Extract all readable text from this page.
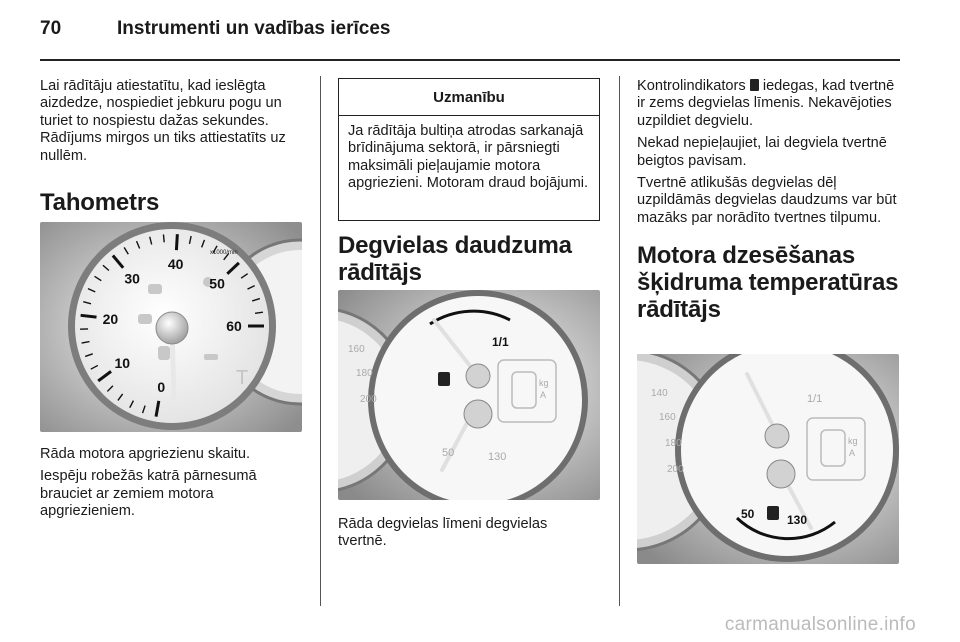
70	Instrumenti un vadības ierīces

Lai rādītāju atiestatītu, kad ieslēgta aizdedze, nospiediet jebkuru pogu un turiet to nospiestu dažas sekundes. Rādījums mirgos un tiks attiestatīts uz nullēm.

Tahometrs
T
x1000/min
0
10
20
30
40
50
60

Rāda motora apgriezienu skaitu.

Iespēju robežās katrā pārnesumā brauciet ar zemiem motora apgriezieniem.

Uzmanību
Ja rādītāja bultiņa atrodas sarkanajā brīdinājuma sektorā, ir pārsniegti maksimāli pieļaujamie motora apgriezieni. Motoram draud bojājumi.
Degvielas daudzuma rādītājs
kg
A
1/1
50	130
160
180
200

Rāda degvielas līmeni degvielas tvertnē.

Kontrolindikators  iedegas, kad tvertnē ir zems degvielas līmenis. Nekavējoties uzpildiet degvielu.

Nekad nepieļaujiet, lai degviela tvertnē beigtos pavisam.

Tvertnē atlikušās degvielas dēļ uzpildāmās degvielas daudzums var būt mazāks par norādīto tvertnes tilpumu.

Motora dzesēšanas šķidruma temperatūras rādītājs
kg
A
1/1
50	130
140
160
180
200
carmanualsonline.info
